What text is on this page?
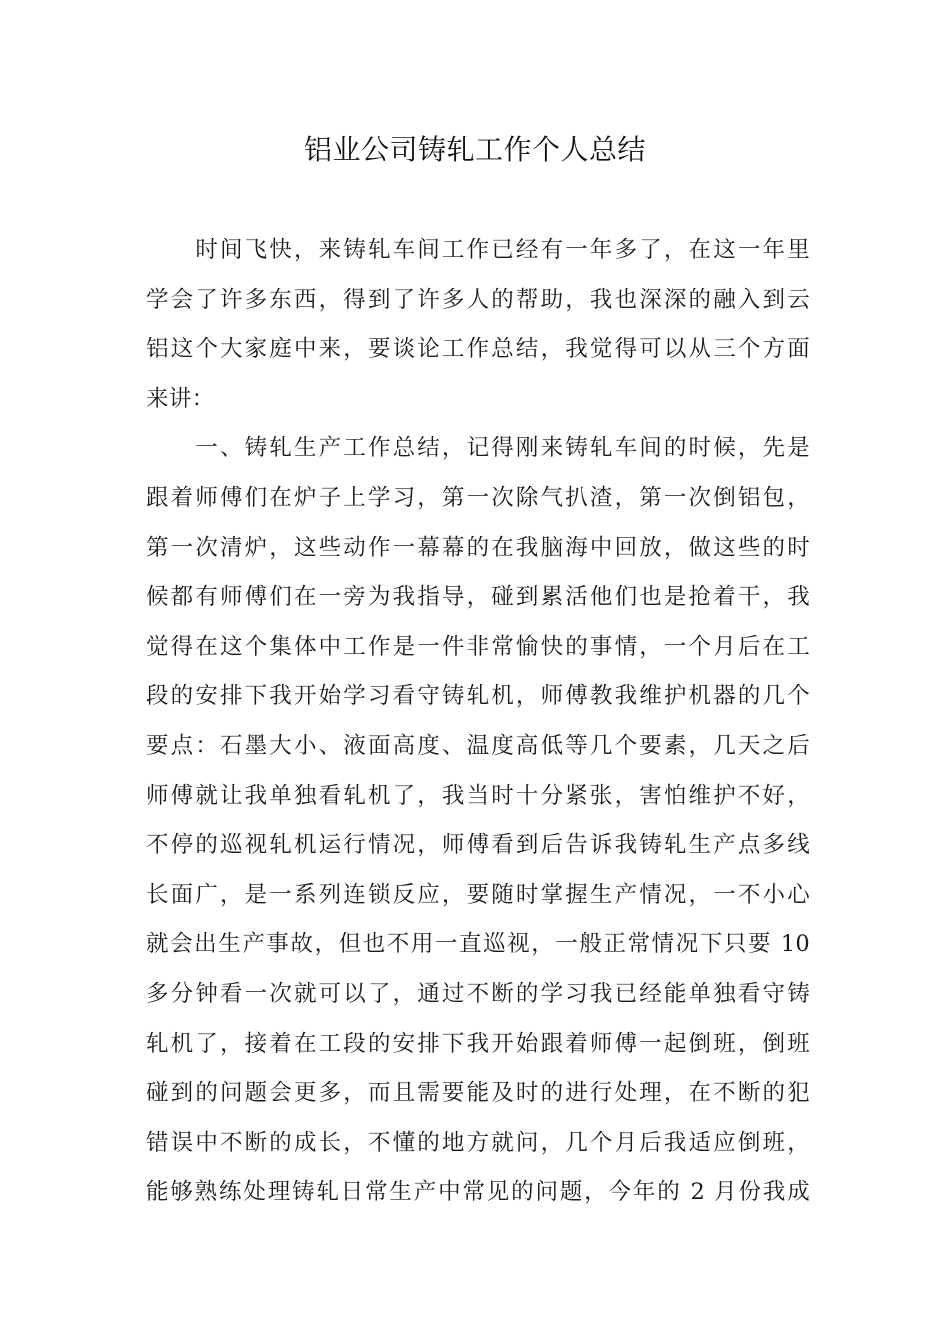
铝业公司铸轧工作个人总结
　　时间飞快，来铸轧车间工作已经有一年多了，在这一年里
学会了许多东西，得到了许多人的帮助，我也深深的融入到云
铝这个大家庭中来，要谈论工作总结，我觉得可以从三个方面
来讲：
　　一、铸轧生产工作总结，记得刚来铸轧车间的时候，先是
跟着师傅们在炉子上学习，第一次除气扒渣，第一次倒铝包，
第一次清炉，这些动作一幕幕的在我脑海中回放，做这些的时
候都有师傅们在一旁为我指导，碰到累活他们也是抢着干，我
觉得在这个集体中工作是一件非常愉快的事情，一个月后在工
段的安排下我开始学习看守铸轧机，师傅教我维护机器的几个
要点：石墨大小、液面高度、温度高低等几个要素，几天之后
师傅就让我单独看轧机了，我当时十分紧张，害怕维护不好，
不停的巡视轧机运行情况，师傅看到后告诉我铸轧生产点多线
长面广，是一系列连锁反应，要随时掌握生产情况，一不小心
就会出生产事故，但也不用一直巡视，一般正常情况下只要 10
多分钟看一次就可以了，通过不断的学习我已经能单独看守铸
轧机了，接着在工段的安排下我开始跟着师傅一起倒班，倒班
碰到的问题会更多，而且需要能及时的进行处理，在不断的犯
错误中不断的成长，不懂的地方就问，几个月后我适应倒班，
能够熟练处理铸轧日常生产中常见的问题，今年的 2 月份我成
